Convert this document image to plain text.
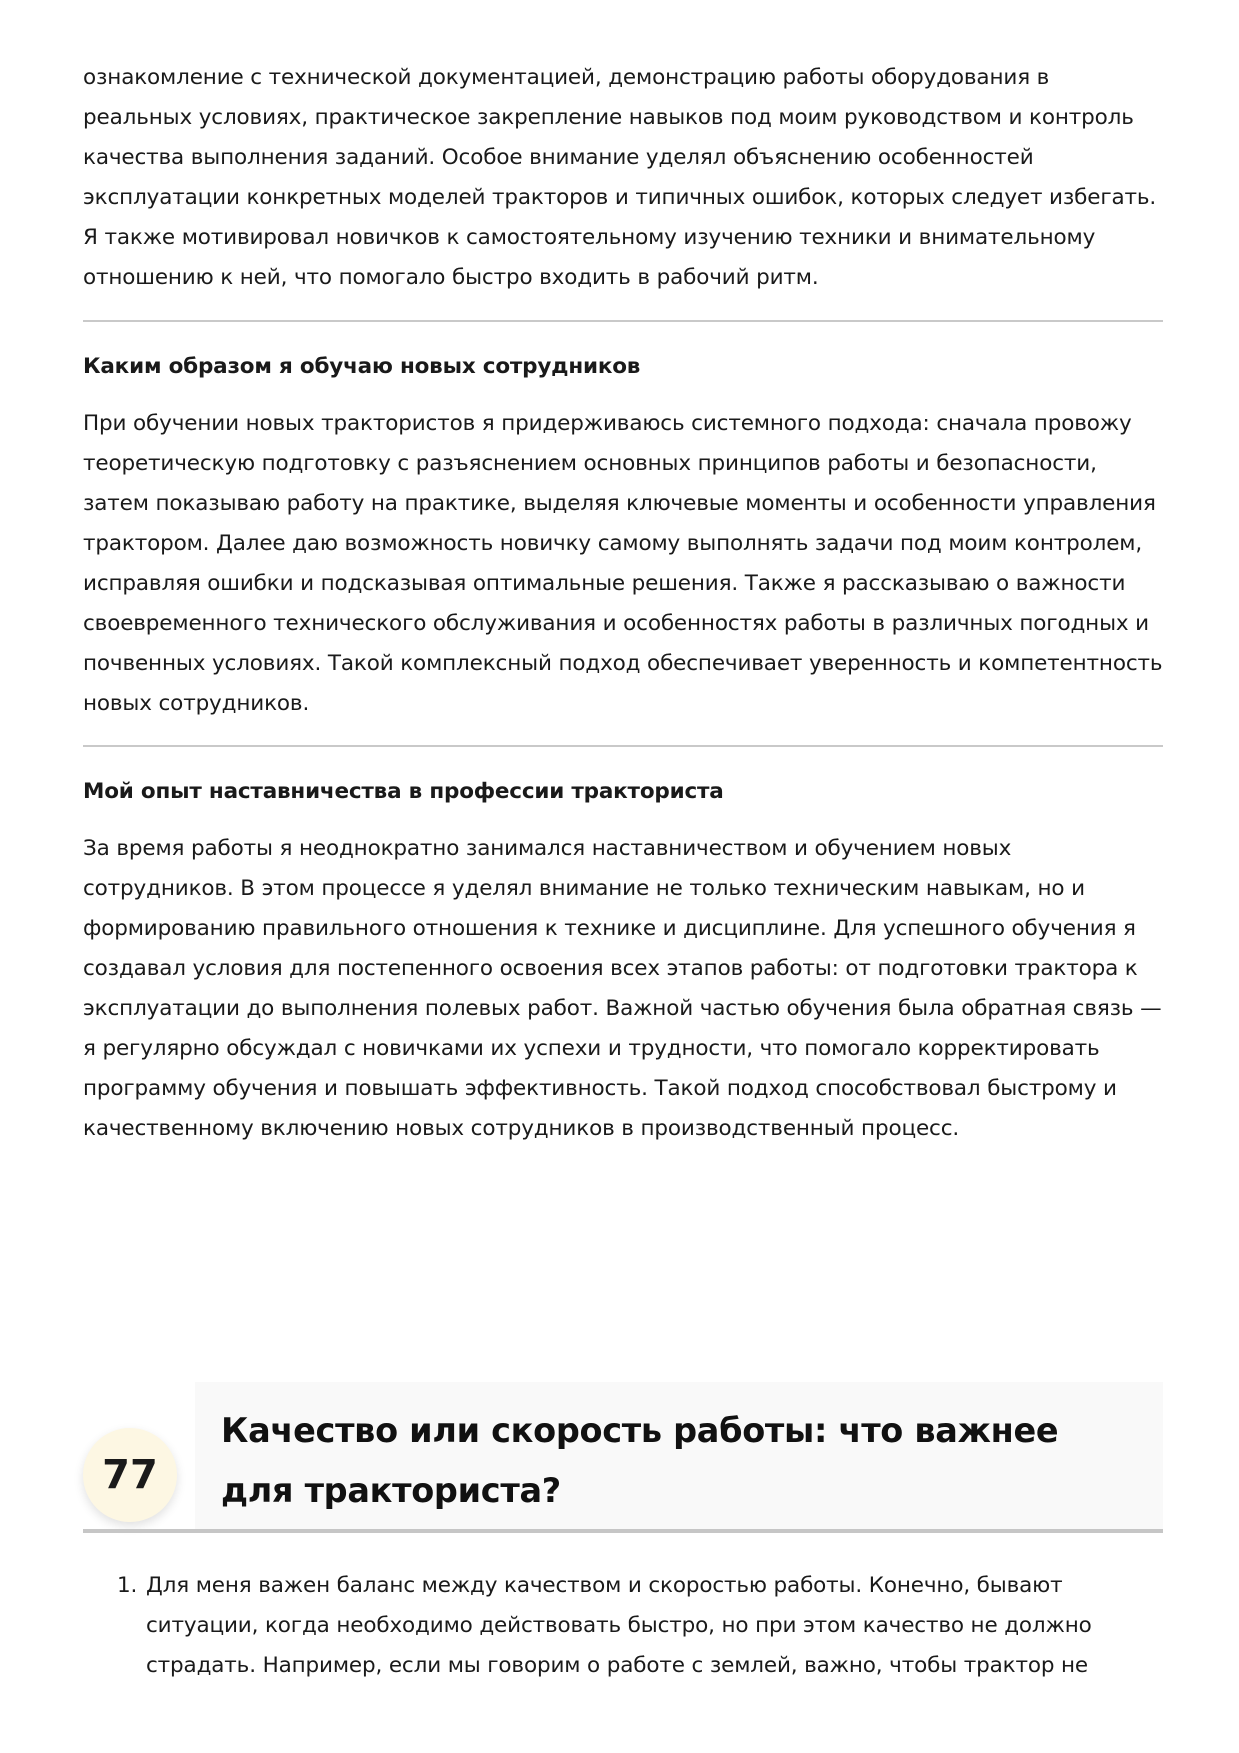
ознакомление с технической документацией, демонстрацию работы оборудования в реальных условиях, практическое закрепление навыков под моим руководством и контроль качества выполнения заданий. Особое внимание уделял объяснению особенностей эксплуатации конкретных моделей тракторов и типичных ошибок, которых следует избегать. Я также мотивировал новичков к самостоятельному изучению техники и внимательному отношению к ней, что помогало быстро входить в рабочий ритм.

Каким образом я обучаю новых сотрудников

При обучении новых трактористов я придерживаюсь системного подхода: сначала провожу теоретическую подготовку с разъяснением основных принципов работы и безопасности, затем показываю работу на практике, выделяя ключевые моменты и особенности управления трактором. Далее даю возможность новичку самому выполнять задачи под моим контролем, исправляя ошибки и подсказывая оптимальные решения. Также я рассказываю о важности своевременного технического обслуживания и особенностях работы в различных погодных и почвенных условиях. Такой комплексный подход обеспечивает уверенность и компетентность новых сотрудников.

Мой опыт наставничества в профессии тракториста

За время работы я неоднократно занимался наставничеством и обучением новых сотрудников. В этом процессе я уделял внимание не только техническим навыкам, но и формированию правильного отношения к технике и дисциплине. Для успешного обучения я создавал условия для постепенного освоения всех этапов работы: от подготовки трактора к эксплуатации до выполнения полевых работ. Важной частью обучения была обратная связь — я регулярно обсуждал с новичками их успехи и трудности, что помогало корректировать программу обучения и повышать эффективность. Такой подход способствовал быстрому и качественному включению новых сотрудников в производственный процесс.

77
Качество или скорость работы: что важнее для тракториста?
1. Для меня важен баланс между качеством и скоростью работы. Конечно, бывают ситуации, когда необходимо действовать быстро, но при этом качество не должно страдать. Например, если мы говорим о работе с землей, важно, чтобы трактор не
